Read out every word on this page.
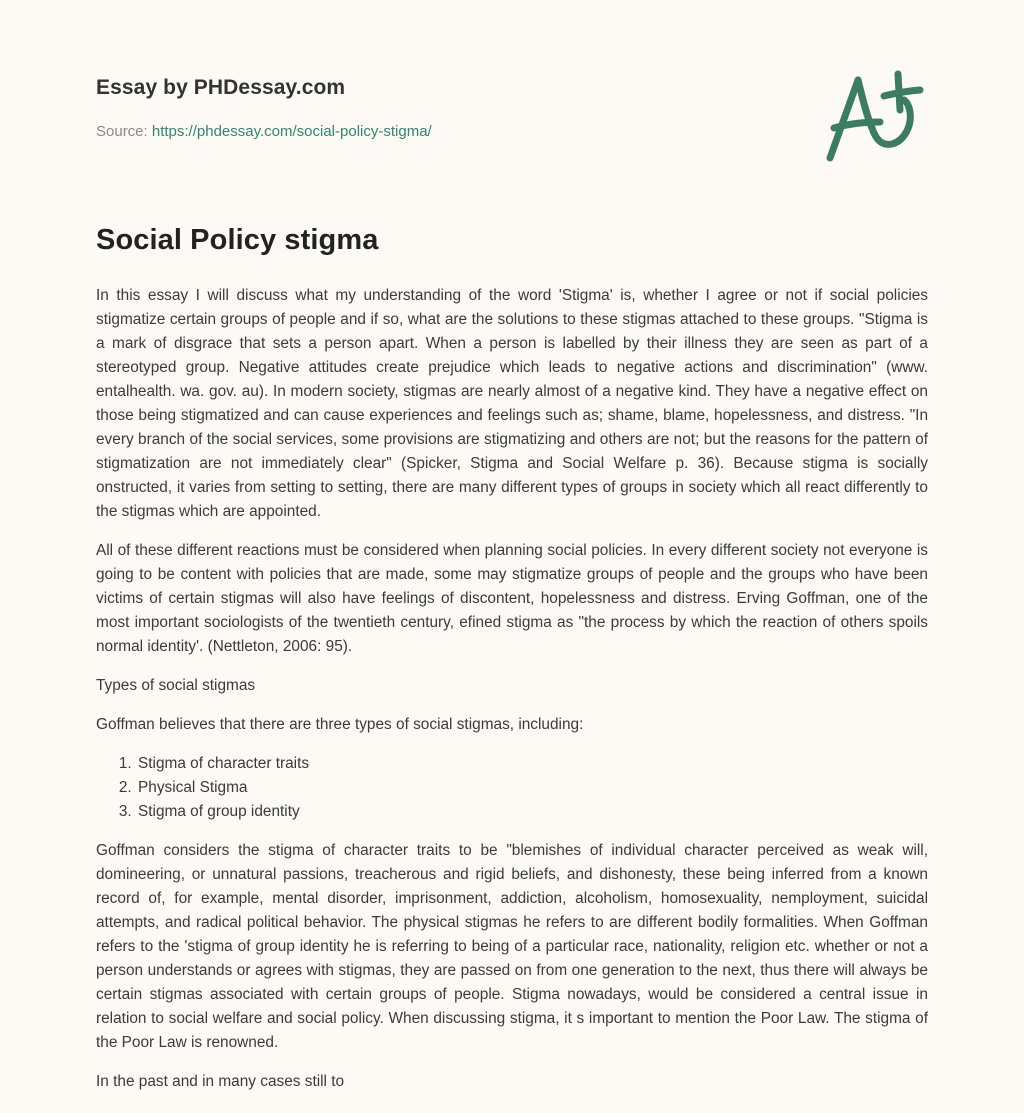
Essay by PHDessay.com
Source: https://phdessay.com/social-policy-stigma/
Social Policy stigma

In this essay I will discuss what my understanding of the word 'Stigma' is, whether I agree or not if social policies stigmatize certain groups of people and if so, what are the solutions to these stigmas attached to these groups. "Stigma is a mark of disgrace that sets a person apart. When a person is labelled by their illness they are seen as part of a stereotyped group. Negative attitudes create prejudice which leads to negative actions and discrimination" (www. entalhealth. wa. gov. au). In modern society, stigmas are nearly almost of a negative kind. They have a negative effect on those being stigmatized and can cause experiences and feelings such as; shame, blame, hopelessness, and distress. "In every branch of the social services, some provisions are stigmatizing and others are not; but the reasons for the pattern of stigmatization are not immediately clear" (Spicker, Stigma and Social Welfare p. 36). Because stigma is socially onstructed, it varies from setting to setting, there are many different types of groups in society which all react differently to the stigmas which are appointed.

All of these different reactions must be considered when planning social policies. In every different society not everyone is going to be content with policies that are made, some may stigmatize groups of people and the groups who have been victims of certain stigmas will also have feelings of discontent, hopelessness and distress. Erving Goffman, one of the most important sociologists of the twentieth century, efined stigma as "the process by which the reaction of others spoils normal identity'. (Nettleton, 2006: 95).

Types of social stigmas

Goffman believes that there are three types of social stigmas, including:

1. Stigma of character traits
2. Physical Stigma
3. Stigma of group identity

Goffman considers the stigma of character traits to be "blemishes of individual character perceived as weak will, domineering, or unnatural passions, treacherous and rigid beliefs, and dishonesty, these being inferred from a known record of, for example, mental disorder, imprisonment, addiction, alcoholism, homosexuality, nemployment, suicidal attempts, and radical political behavior. The physical stigmas he refers to are different bodily formalities. When Goffman refers to the 'stigma of group identity he is referring to being of a particular race, nationality, religion etc. whether or not a person understands or agrees with stigmas, they are passed on from one generation to the next, thus there will always be certain stigmas associated with certain groups of people. Stigma nowadays, would be considered a central issue in relation to social welfare and social policy. When discussing stigma, it s important to mention the Poor Law. The stigma of the Poor Law is renowned.

In the past and in many cases still to
